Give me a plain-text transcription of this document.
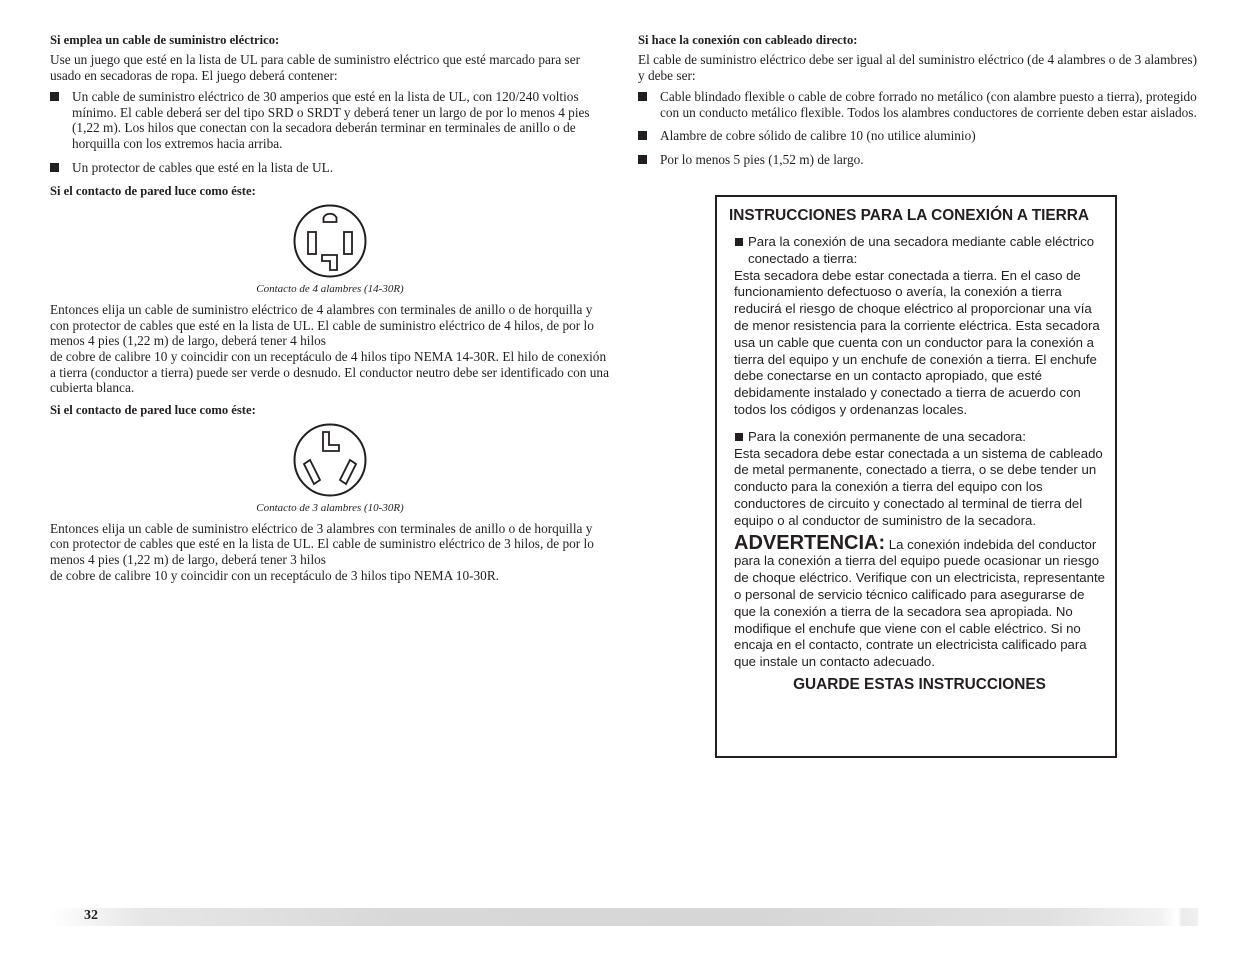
Si emplea un cable de suministro eléctrico:

Use un juego que esté en la lista de UL para cable de suministro eléctrico que esté marcado para ser usado en secadoras de ropa. El juego deberá contener:

Un cable de suministro eléctrico de 30 amperios que esté en la lista de UL, con 120/240 voltios mínimo. El cable deberá ser del tipo SRD o SRDT y deberá tener un largo de por lo menos 4 pies (1,22 m). Los hilos que conectan con la secadora deberán terminar en terminales de anillo o de horquilla con los extremos hacia arriba.
Un protector de cables que esté en la lista de UL.

Si el contacto de pared luce como éste:

Contacto de 4 alambres (14-30R)

Entonces elija un cable de suministro eléctrico de 4 alambres con terminales de anillo o de horquilla y con protector de cables que esté en la lista de UL. El cable de suministro eléctrico de 4 hilos, de por lo menos 4 pies (1,22 m) de largo, deberá tener 4 hilos

de cobre de calibre 10 y coincidir con un receptáculo de 4 hilos tipo NEMA 14-30R. El hilo de conexión a tierra (conductor a tierra) puede ser verde o desnudo. El conductor neutro debe ser identificado con una cubierta blanca.

Si el contacto de pared luce como éste:

Contacto de 3 alambres (10-30R)

Entonces elija un cable de suministro eléctrico de 3 alambres con terminales de anillo o de horquilla y con protector de cables que esté en la lista de UL. El cable de suministro eléctrico de 3 hilos, de por lo menos 4 pies (1,22 m) de largo, deberá tener 3 hilos

de cobre de calibre 10 y coincidir con un receptáculo de 3 hilos tipo NEMA 10-30R.

Si hace la conexión con cableado directo:

El cable de suministro eléctrico debe ser igual al del suministro eléctrico (de 4 alambres o de 3 alambres) y debe ser:

Cable blindado flexible o cable de cobre forrado no metálico (con alambre puesto a tierra), protegido con un conducto metálico flexible. Todos los alambres conductores de corriente deben estar aislados.
Alambre de cobre sólido de calibre 10 (no utilice aluminio)
Por lo menos 5 pies (1,52 m) de largo.
INSTRUCCIONES PARA LA CONEXIÓN A TIERRA
Para la conexión de una secadora mediante cable eléctrico conectado a tierra:

Esta secadora debe estar conectada a tierra. En el caso de funcionamiento defectuoso o avería, la conexión a tierra reducirá el riesgo de choque eléctrico al proporcionar una vía de menor resistencia para la corriente eléctrica. Esta secadora usa un cable que cuenta con un conductor para la conexión a tierra del equipo y un enchufe de conexión a tierra. El enchufe debe conectarse en un contacto apropiado, que esté debidamente instalado y conectado a tierra de acuerdo con todos los códigos y ordenanzas locales.

Para la conexión permanente de una secadora:

Esta secadora debe estar conectada a un sistema de cableado de metal permanente, conectado a tierra, o se debe tender un conducto para la conexión a tierra del equipo con los conductores de circuito y conectado al terminal de tierra del equipo o al conductor de suministro de la secadora.

ADVERTENCIA: La conexión indebida del conductor para la conexión a tierra del equipo puede ocasionar un riesgo de choque eléctrico. Verifique con un electricista, representante o personal de servicio técnico calificado para asegurarse de que la conexión a tierra de la secadora sea apropiada. No modifique el enchufe que viene con el cable eléctrico. Si no encaja en el contacto, contrate un electricista calificado para que instale un contacto adecuado.

GUARDE ESTAS INSTRUCCIONES
32
